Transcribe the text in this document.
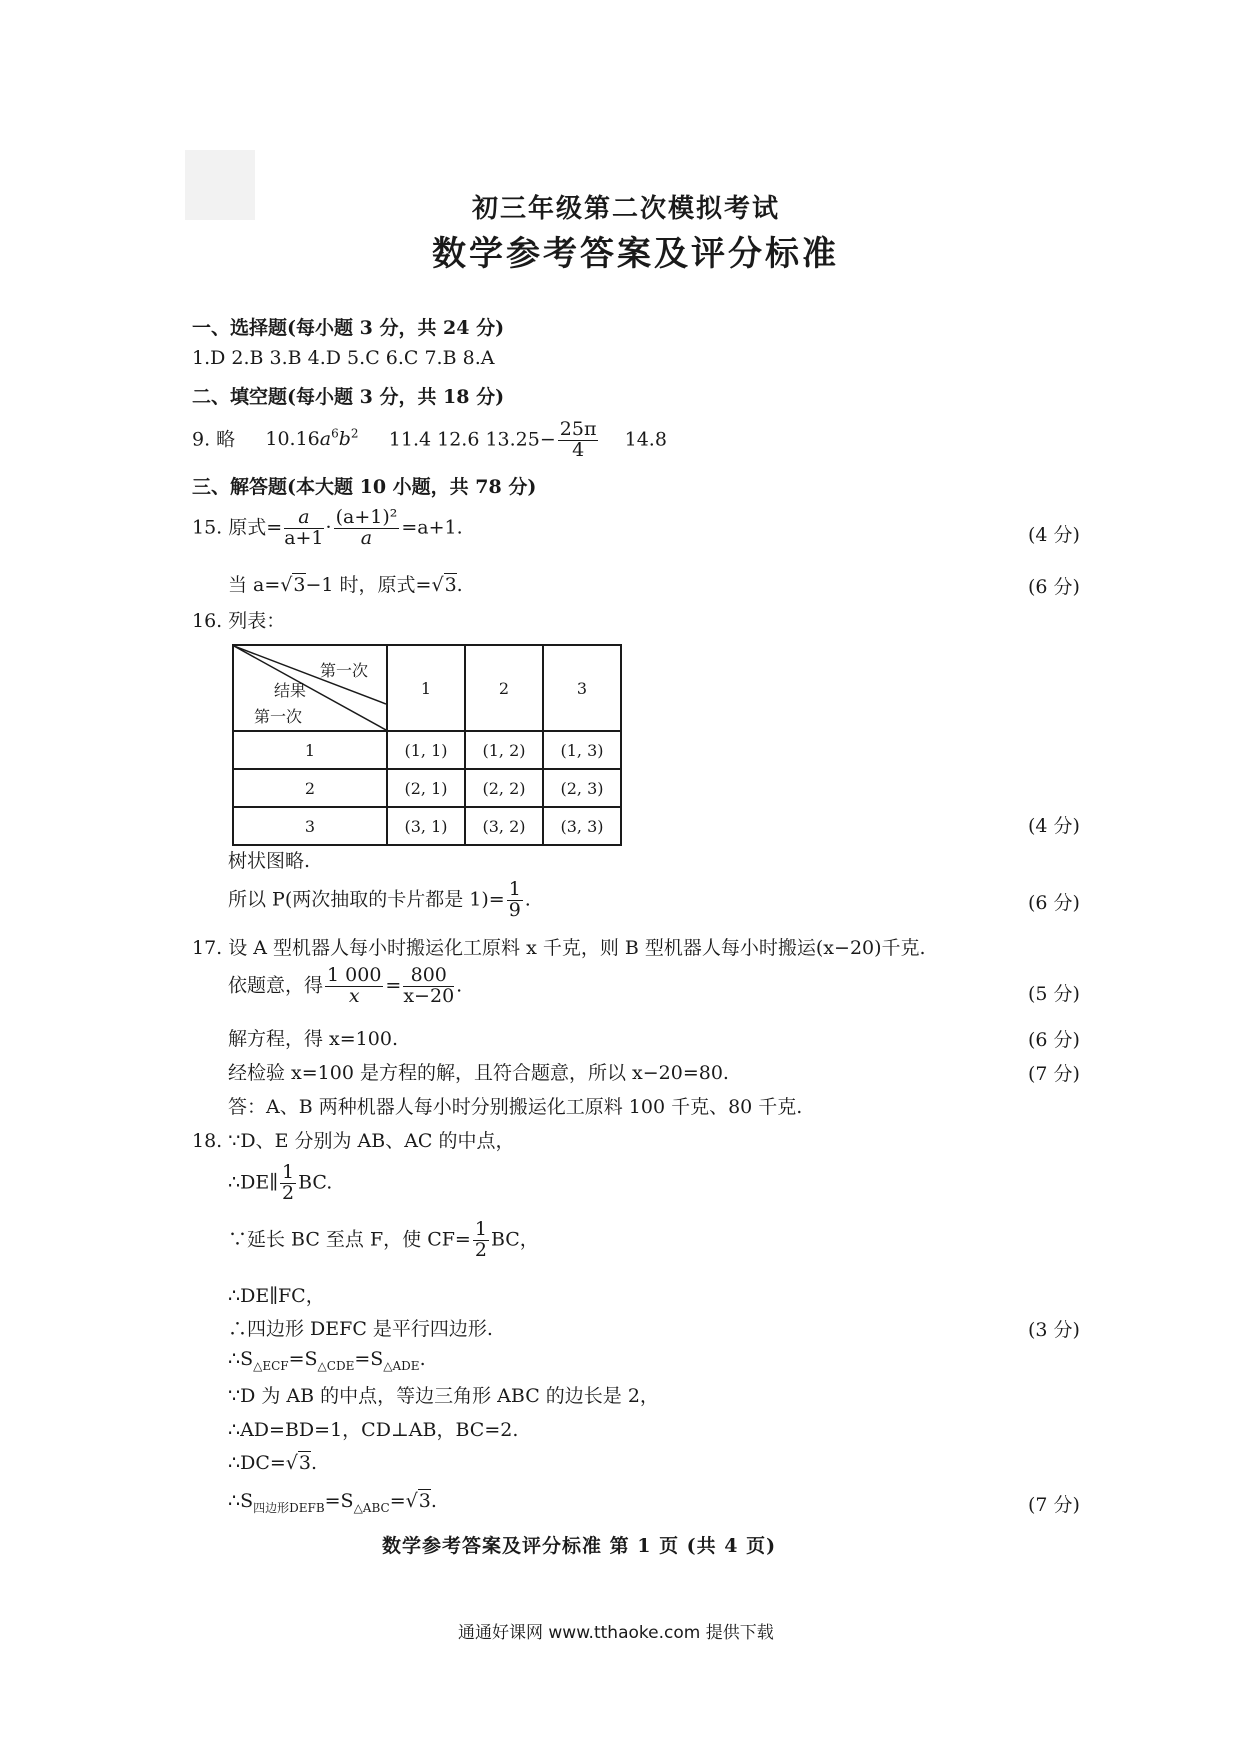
初三年级第二次模拟考试
数学参考答案及评分标准
一、选择题(每小题 3 分，共 24 分)
1.D 2.B 3.B 4.D 5.C 6.C 7.B 8.A
二、填空题(每小题 3 分，共 18 分)
9. 略 $10.16a^6b^2$ 11.4 12.6 $13.25- \frac{25\pi}{4} 14.8$
三、解答题(本大题 10 小题，共 78 分)
15. 原式= $\frac{a}{a+1} \cdot \frac{\text{(a+1)²}}{a} =a+1$.	(4 分)
当 a=√3−1 时，原式=√3.	(6 分)
16. 列表：
第一次
结果
第一次	1	2	3
1	(1, 1)	(1, 2)	(1, 3)
2	(2, 1)	(2, 2)	(2, 3)
3	(3, 1)	(3, 2)	(3, 3)	(4 分)
树状图略.
所以 P(两次抽取的卡片都是 $1)= \frac{1}{9}$ .	(6 分)
17. 设 A 型机器人每小时搬运化工原料 x 千克，则 B 型机器人每小时搬运(x−20)千克.
依题意，得 $\frac{1 000}{x} = \frac{800}{x-20}$ .	(5 分)
解方程，得 x=100.	(6 分)
经检验 x=100 是方程的解，且符合题意，所以 x−20=80.	(7 分)
答：A、B 两种机器人每小时分别搬运化工原料 100 千克、80 千克.
18. ∵D、E 分别为 AB、AC 的中点，
∴DE∥ $\frac{1}{2}$ BC.
∵延长 BC 至点 F，使 $CF= \frac{1}{2}$ BC，
∴DE∥FC，
∴四边形 DEFC 是平行四边形.	(3 分)
$\therefore S_{\triangle ECF}=S_{\triangle CDE}=S_{\triangle ADE}$.
∵D 为 AB 的中点，等边三角形 ABC 的边长是 2，
∴AD=BD=1，CD⊥AB，BC=2.
∴DC=√3.
$\therefore S_{四边形DEFB}=S_{\triangle ABC}=√3$.	(7 分)
数学参考答案及评分标准 第 1 页 (共 4 页)
通通好课网 www.tthaoke.com 提供下载
